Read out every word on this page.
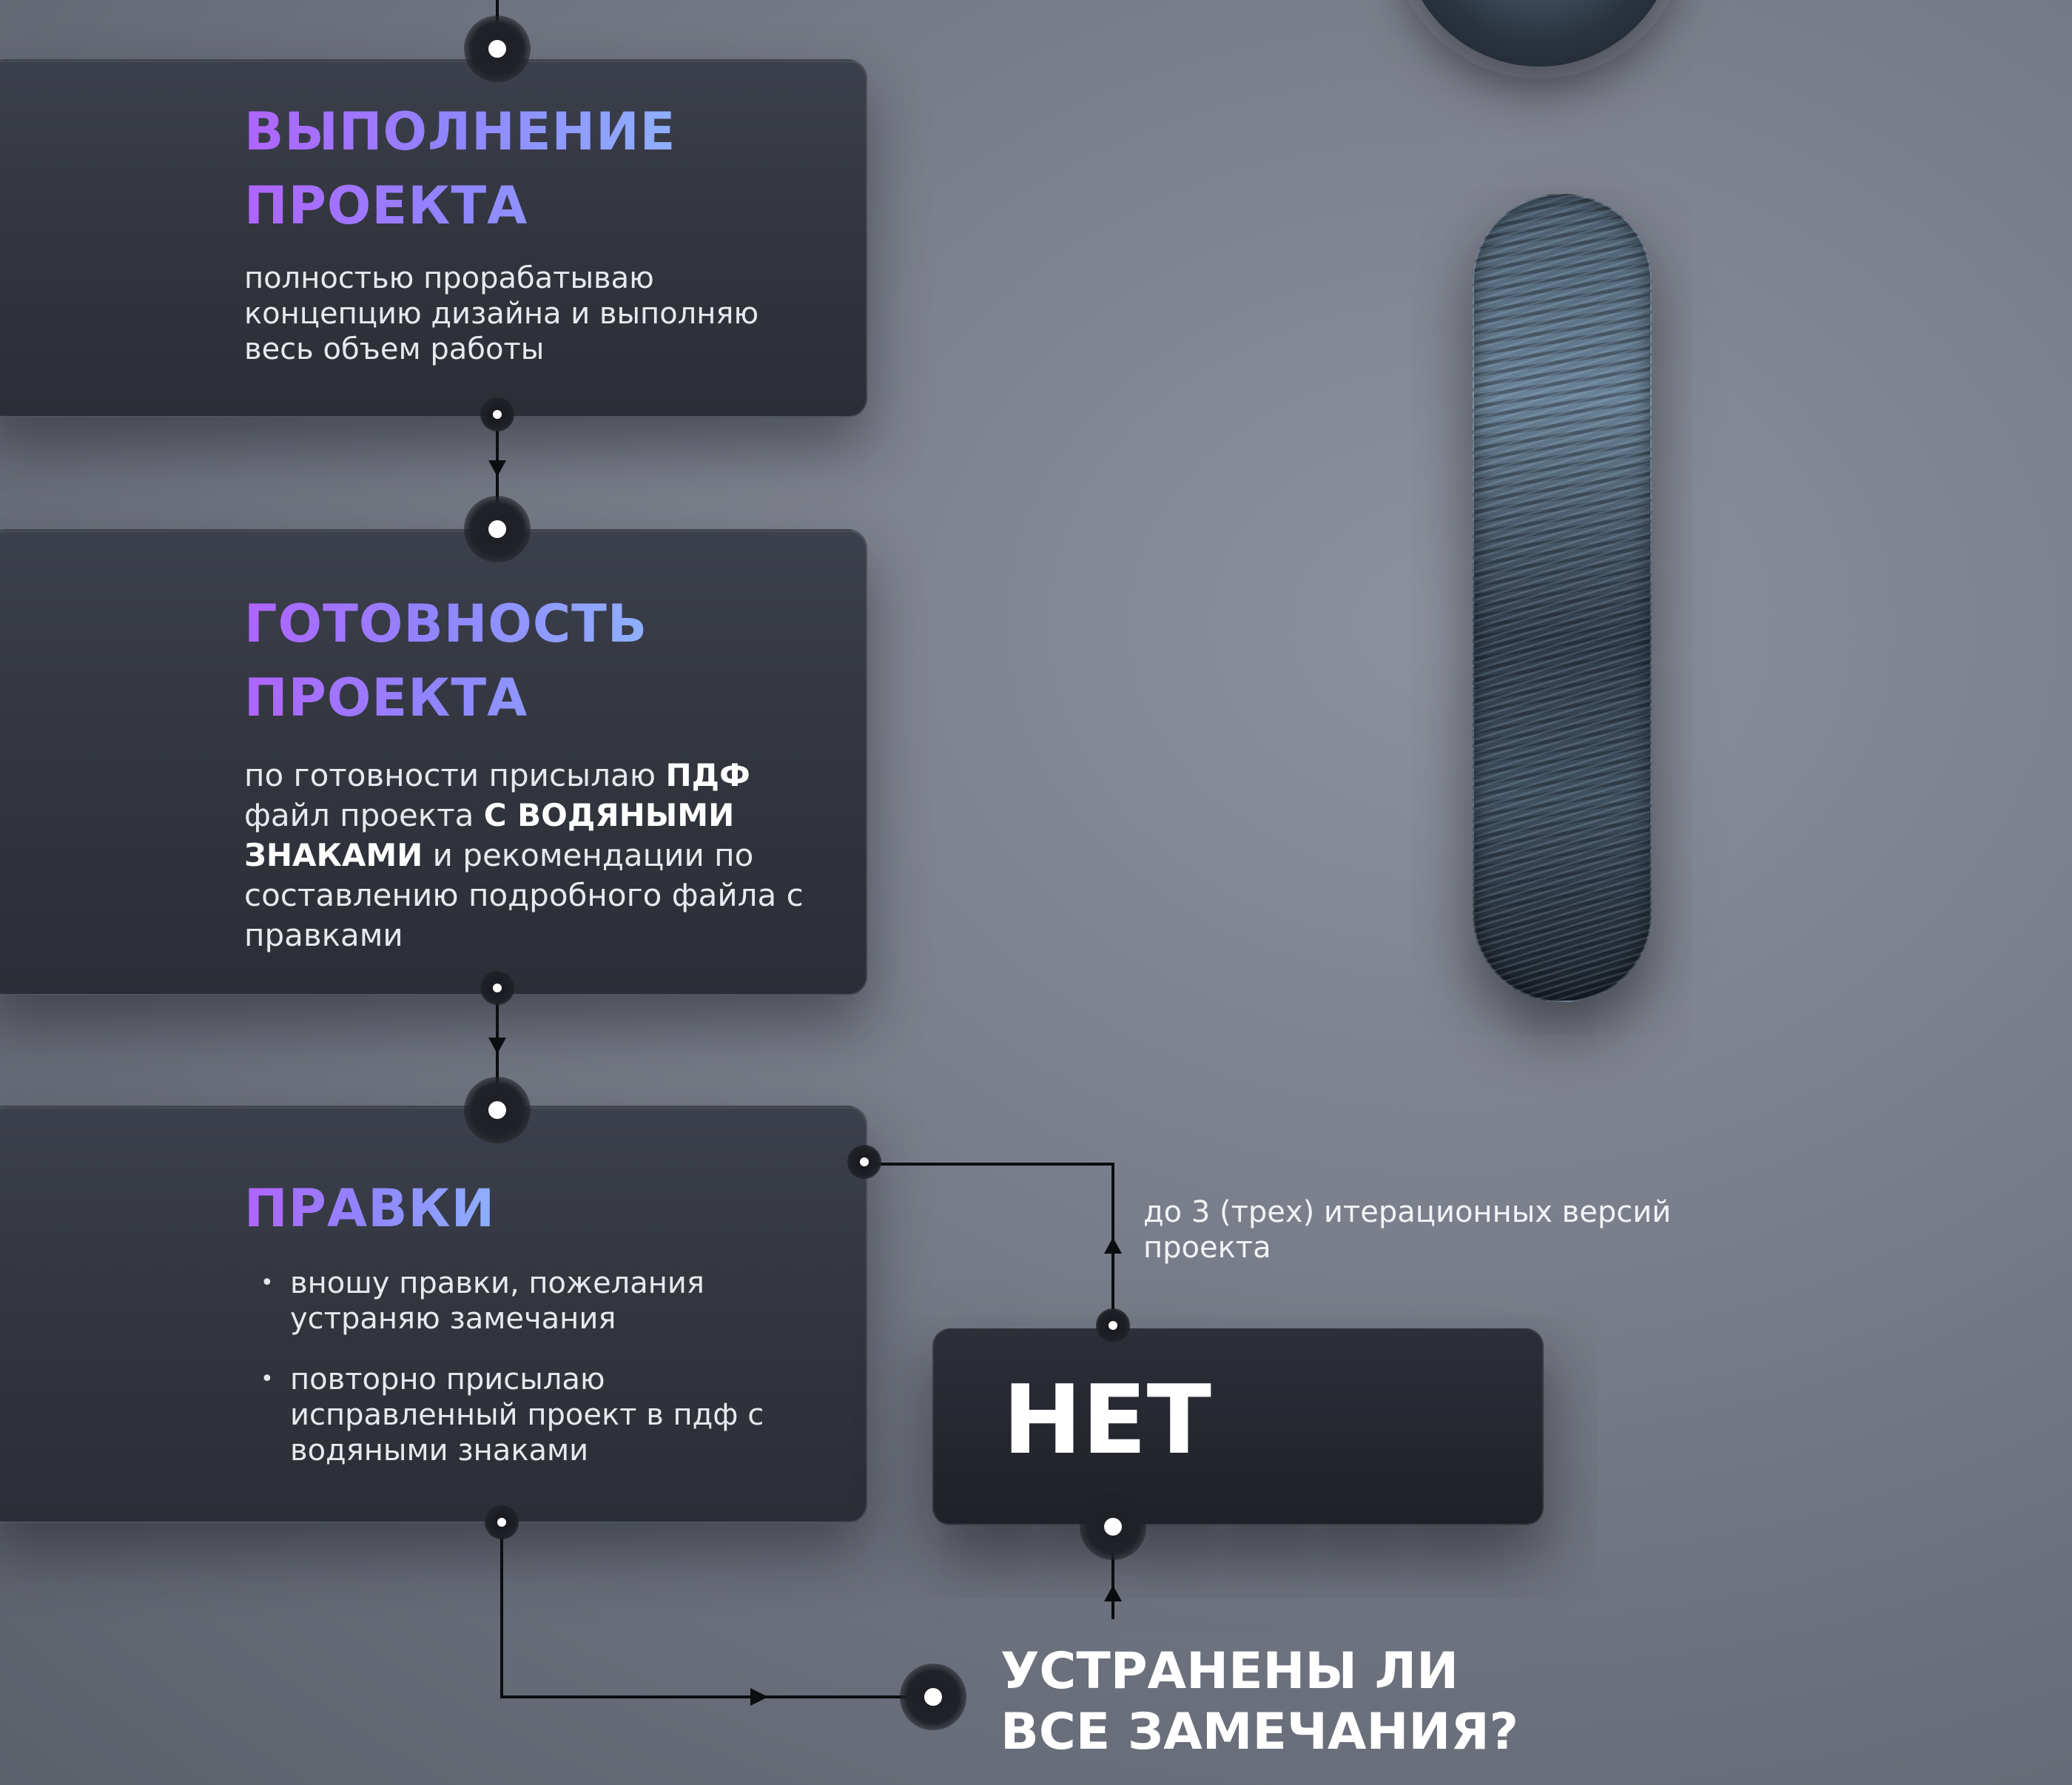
ВЫПОЛНЕНИЕ
ПРОЕКТА
полностью прорабатываю концепцию дизайна и выполняю весь объем работы
ГОТОВНОСТЬ
ПРОЕКТА
по готовности присылаю ПДФ файл проекта С ВОДЯНЫМИ ЗНАКАМИ и рекомендации по составлению подробного файла с правками
ПРАВКИ
• вношу правки, пожелания устраняю замечания
• повторно присылаю исправленный проект в пдф с водяными знаками
до 3 (трех) итерационных версий проекта
НЕТ
УСТРАНЕНЫ ЛИ
ВСЕ ЗАМЕЧАНИЯ?
